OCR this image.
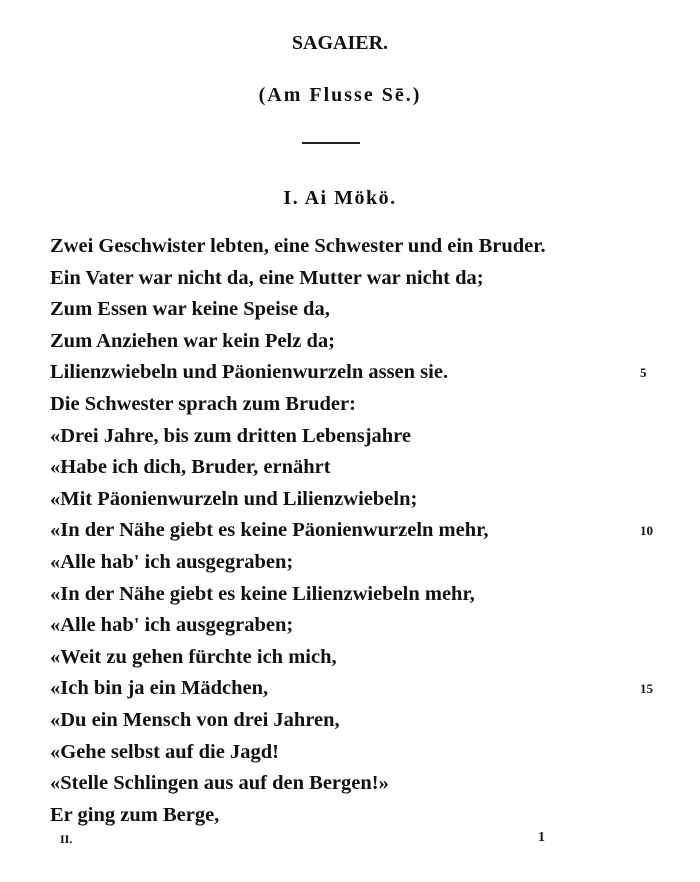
SAGAIER.
(Am Flusse Sē.)
I. Ai Mökö.
Zwei Geschwister lebten, eine Schwester und ein Bruder.
Ein Vater war nicht da, eine Mutter war nicht da;
Zum Essen war keine Speise da,
Zum Anziehen war kein Pelz da;
Lilienzwiebeln und Päonienwurzeln assen sie.	5
Die Schwester sprach zum Bruder:
«Drei Jahre, bis zum dritten Lebensjahre
«Habe ich dich, Bruder, ernährt
«Mit Päonienwurzeln und Lilienzwiebeln;
«In der Nähe giebt es keine Päonienwurzeln mehr,	10
«Alle hab' ich ausgegraben;
«In der Nähe giebt es keine Lilienzwiebeln mehr,
«Alle hab' ich ausgegraben;
«Weit zu gehen fürchte ich mich,
«Ich bin ja ein Mädchen,	15
«Du ein Mensch von drei Jahren,
«Gehe selbst auf die Jagd!
«Stelle Schlingen aus auf den Bergen!»
Er ging zum Berge,
II.	1
